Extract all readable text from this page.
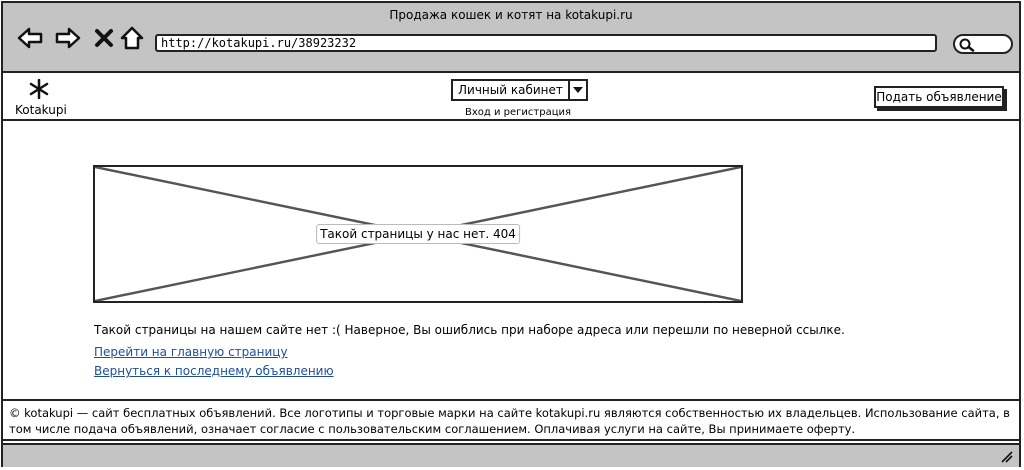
Продажа кошек и котят на kotakupi.ru
http://kotakupi.ru/38923232
Kotakupi
Личный кабинет
Вход и регистрация
Подать объявление
Такой страницы у нас нет. 404
Такой страницы на нашем сайте нет :( Наверное, Вы ошиблись при наборе адреса или перешли по неверной ссылке.
Перейти на главную страницу
Вернуться к последнему объявлению
© kotakupi — сайт бесплатных объявлений. Все логотипы и торговые марки на сайте kotakupi.ru являются собственностью их владельцев. Использование сайта, в том числе подача объявлений, означает согласие с пользовательским соглашением. Оплачивая услуги на сайте, Вы принимаете оферту.
